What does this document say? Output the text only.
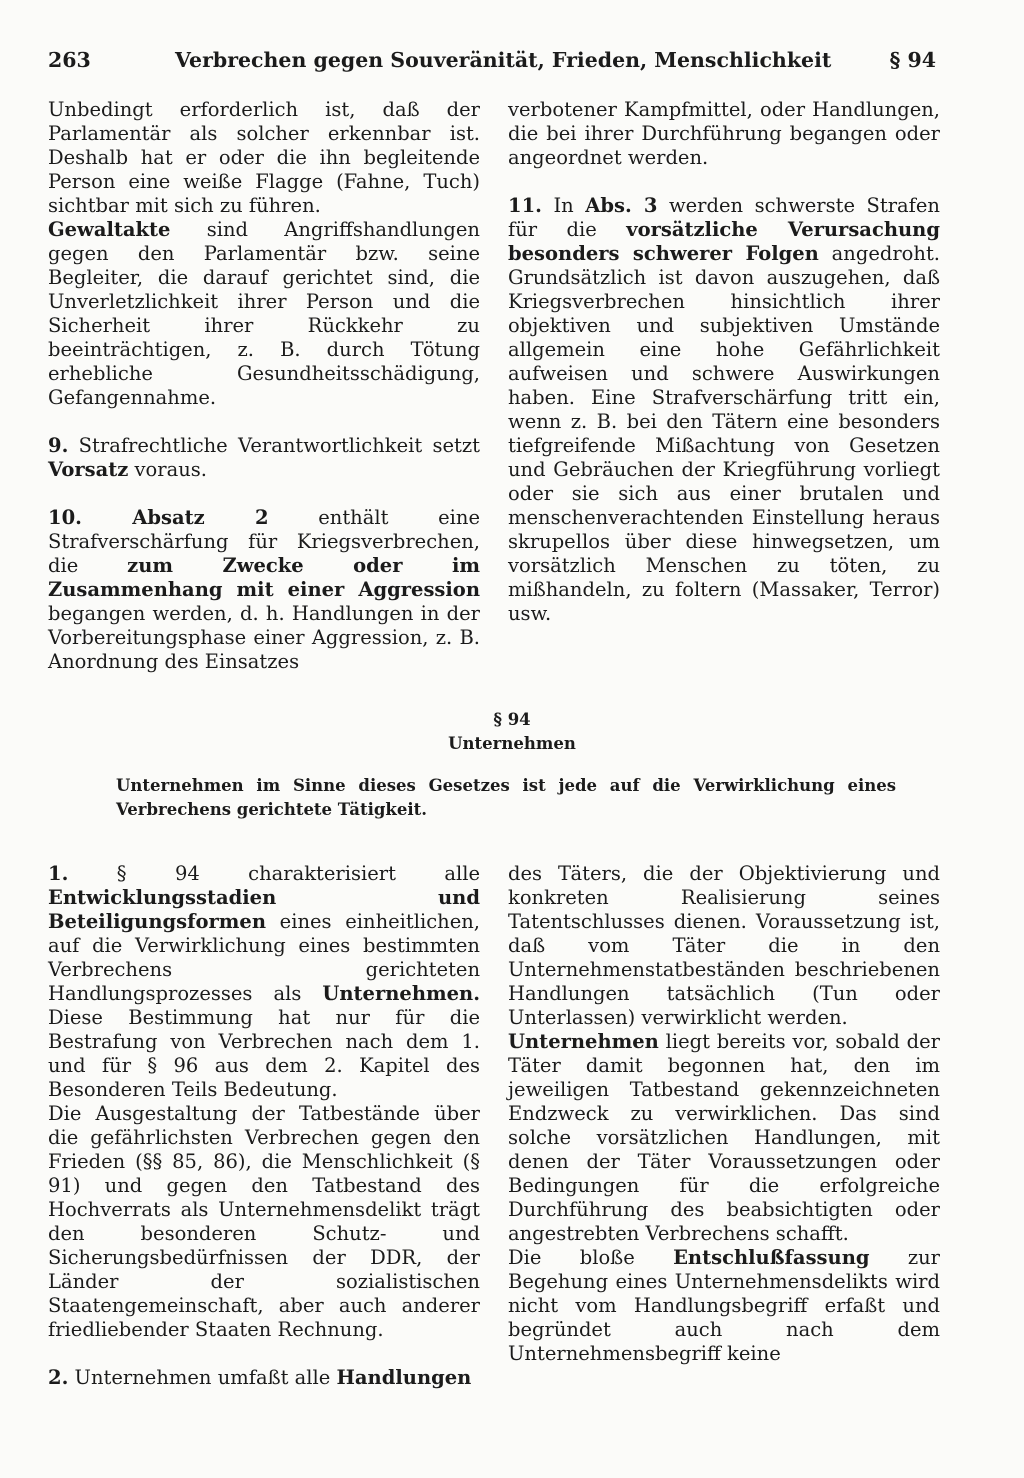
263	Verbrechen gegen Souveränität, Frieden, Menschlichkeit	§ 94

Unbedingt erforderlich ist, daß der Parlamentär als solcher erkennbar ist. Deshalb hat er oder die ihn begleitende Person eine weiße Flagge (Fahne, Tuch) sichtbar mit sich zu führen.

Gewaltakte sind Angriffshandlungen gegen den Parlamentär bzw. seine Begleiter, die darauf gerichtet sind, die Unverletzlichkeit ihrer Person und die Sicherheit ihrer Rückkehr zu beeinträchtigen, z. B. durch Tötung erhebliche Gesundheitsschädigung, Gefangennahme.

9. Strafrechtliche Verantwortlichkeit setzt Vorsatz voraus.

10. Absatz 2 enthält eine Strafverschärfung für Kriegsverbrechen, die zum Zwecke oder im Zusammenhang mit einer Aggression begangen werden, d. h. Handlungen in der Vorbereitungsphase einer Aggression, z. B. Anordnung des Einsatzes

verbotener Kampfmittel, oder Handlungen, die bei ihrer Durchführung begangen oder angeordnet werden.

11. In Abs. 3 werden schwerste Strafen für die vorsätzliche Verursachung besonders schwerer Folgen angedroht. Grundsätzlich ist davon auszugehen, daß Kriegsverbrechen hinsichtlich ihrer objektiven und subjektiven Umstände allgemein eine hohe Gefährlichkeit aufweisen und schwere Auswirkungen haben. Eine Strafverschärfung tritt ein, wenn z. B. bei den Tätern eine besonders tiefgreifende Mißachtung von Gesetzen und Gebräuchen der Kriegführung vorliegt oder sie sich aus einer brutalen und menschenverachtenden Einstellung heraus skrupellos über diese hinwegsetzen, um vorsätzlich Menschen zu töten, zu mißhandeln, zu foltern (Massaker, Terror) usw.

§ 94
Unternehmen
Unternehmen im Sinne dieses Gesetzes ist jede auf die Verwirklichung eines Verbrechens gerichtete Tätigkeit.

1. § 94 charakterisiert alle Entwicklungsstadien und Beteiligungsformen eines einheitlichen, auf die Verwirklichung eines bestimmten Verbrechens gerichteten Handlungsprozesses als Unternehmen. Diese Bestimmung hat nur für die Bestrafung von Verbrechen nach dem 1. und für § 96 aus dem 2. Kapitel des Besonderen Teils Bedeutung.

Die Ausgestaltung der Tatbestände über die gefährlichsten Verbrechen gegen den Frieden (§§ 85, 86), die Menschlichkeit (§ 91) und gegen den Tatbestand des Hochverrats als Unternehmensdelikt trägt den besonderen Schutz- und Sicherungsbedürfnissen der DDR, der Länder der sozialistischen Staatengemeinschaft, aber auch anderer friedliebender Staaten Rechnung.

2. Unternehmen umfaßt alle Handlungen

des Täters, die der Objektivierung und konkreten Realisierung seines Tatentschlusses dienen. Voraussetzung ist, daß vom Täter die in den Unternehmenstatbeständen beschriebenen Handlungen tatsächlich (Tun oder Unterlassen) verwirklicht werden.

Unternehmen liegt bereits vor, sobald der Täter damit begonnen hat, den im jeweiligen Tatbestand gekennzeichneten Endzweck zu verwirklichen. Das sind solche vorsätzlichen Handlungen, mit denen der Täter Voraussetzungen oder Bedingungen für die erfolgreiche Durchführung des beabsichtigten oder angestrebten Verbrechens schafft.

Die bloße Entschlußfassung zur Begehung eines Unternehmensdelikts wird nicht vom Handlungsbegriff erfaßt und begründet auch nach dem Unternehmensbegriff keine
